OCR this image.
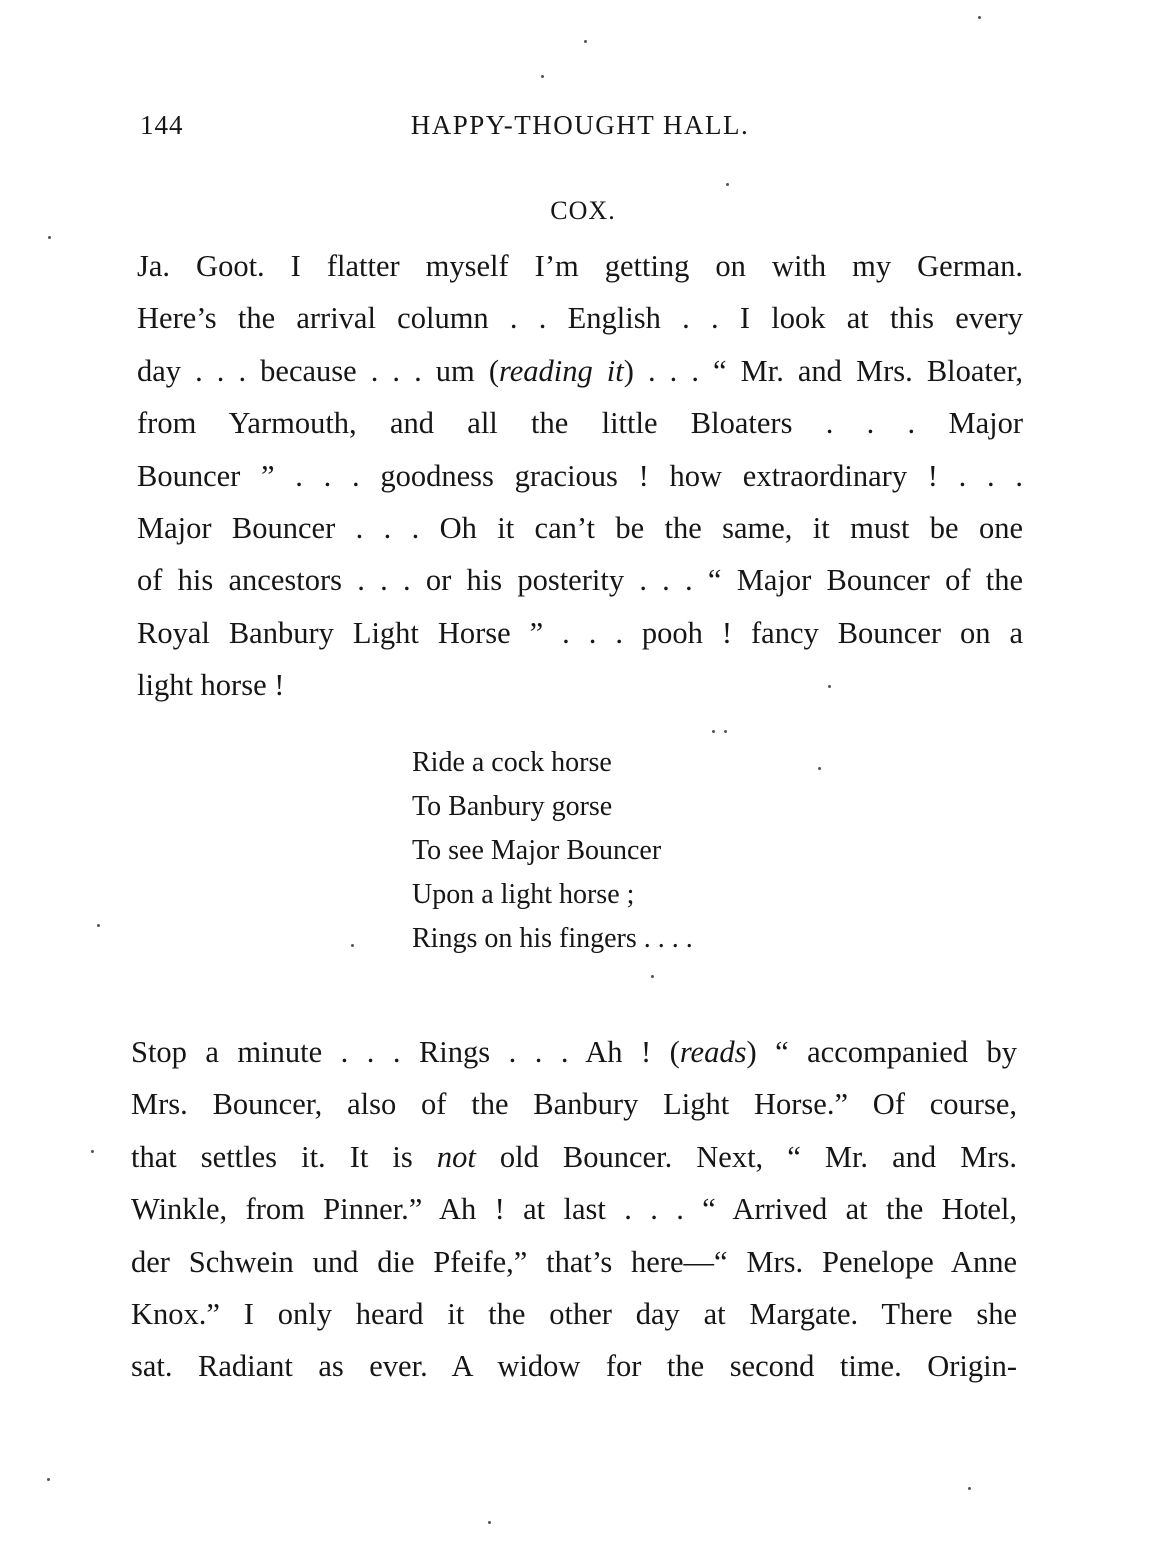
144	HAPPY-THOUGHT HALL.
COX.
Ja. Goot. I flatter myself I’m getting on with my German.
Here’s the arrival column . . English . . I look at this every
day . . . because . . . um (reading it) . . . “ Mr. and Mrs. Bloater,
from Yarmouth, and all the little Bloaters . . . Major
Bouncer ” . . . goodness gracious ! how extraordinary ! . . .
Major Bouncer . . . Oh it can’t be the same, it must be one
of his ancestors . . . or his posterity . . . “ Major Bouncer of the
Royal Banbury Light Horse ” . . . pooh ! fancy Bouncer on a
light horse !
Ride a cock horse
To Banbury gorse
To see Major Bouncer
Upon a light horse ;
Rings on his fingers . . . .
Stop a minute . . . Rings . . . Ah ! (reads) “ accompanied by
Mrs. Bouncer, also of the Banbury Light Horse.” Of course,
that settles it. It is not old Bouncer. Next, “ Mr. and Mrs.
Winkle, from Pinner.” Ah ! at last . . . “ Arrived at the Hotel,
der Schwein und die Pfeife,” that’s here—“ Mrs. Penelope Anne
Knox.” I only heard it the other day at Margate. There she
sat. Radiant as ever. A widow for the second time. Origin-
